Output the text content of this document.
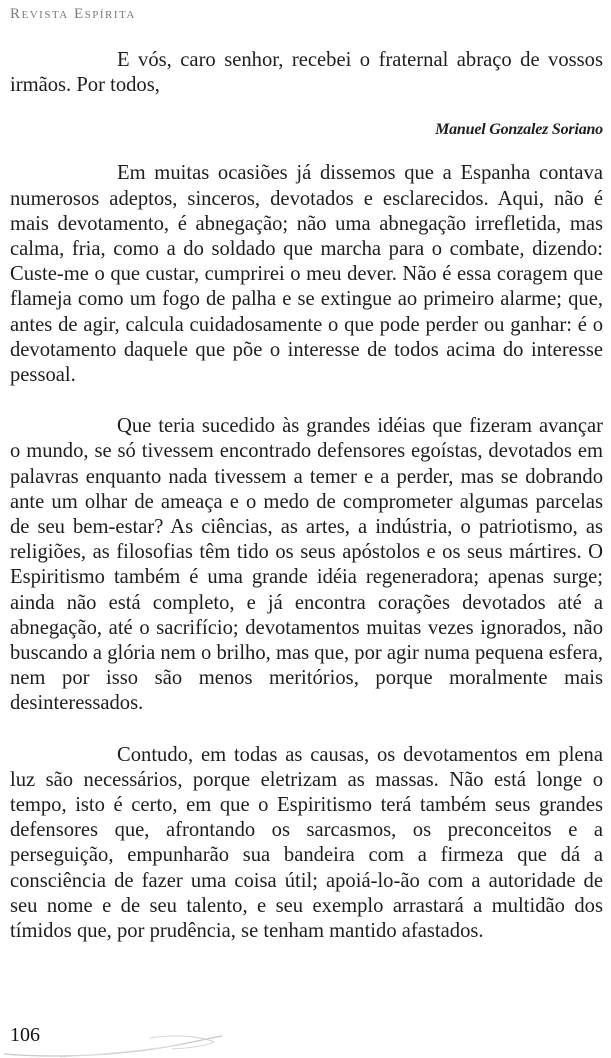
Revista Espírita

E vós, caro senhor, recebei o fraternal abraço de vossos irmãos. Por todos,

Manuel Gonzalez Soriano

Em muitas ocasiões já dissemos que a Espanha contava numerosos adeptos, sinceros, devotados e esclarecidos. Aqui, não é mais devotamento, é abnegação; não uma abnegação irrefletida, mas calma, fria, como a do soldado que marcha para o combate, dizendo: Custe-me o que custar, cumprirei o meu dever. Não é essa coragem que flameja como um fogo de palha e se extingue ao primeiro alarme; que, antes de agir, calcula cuidadosamente o que pode perder ou ganhar: é o devotamento daquele que põe o interesse de todos acima do interesse pessoal.

Que teria sucedido às grandes idéias que fizeram avançar o mundo, se só tivessem encontrado defensores egoístas, devotados em palavras enquanto nada tivessem a temer e a perder, mas se dobrando ante um olhar de ameaça e o medo de comprometer algumas parcelas de seu bem-estar? As ciências, as artes, a indústria, o patriotismo, as religiões, as filosofias têm tido os seus apóstolos e os seus mártires. O Espiritismo também é uma grande idéia regeneradora; apenas surge; ainda não está completo, e já encontra corações devotados até a abnegação, até o sacrifício; devotamentos muitas vezes ignorados, não buscando a glória nem o brilho, mas que, por agir numa pequena esfera, nem por isso são menos meritórios, porque moralmente mais desinteressados.

Contudo, em todas as causas, os devotamentos em plena luz são necessários, porque eletrizam as massas. Não está longe o tempo, isto é certo, em que o Espiritismo terá também seus grandes defensores que, afrontando os sarcasmos, os preconceitos e a perseguição, empunharão sua bandeira com a firmeza que dá a consciência de fazer uma coisa útil; apoiá-lo-ão com a autoridade de seu nome e de seu talento, e seu exemplo arrastará a multidão dos tímidos que, por prudência, se tenham mantido afastados.

106
